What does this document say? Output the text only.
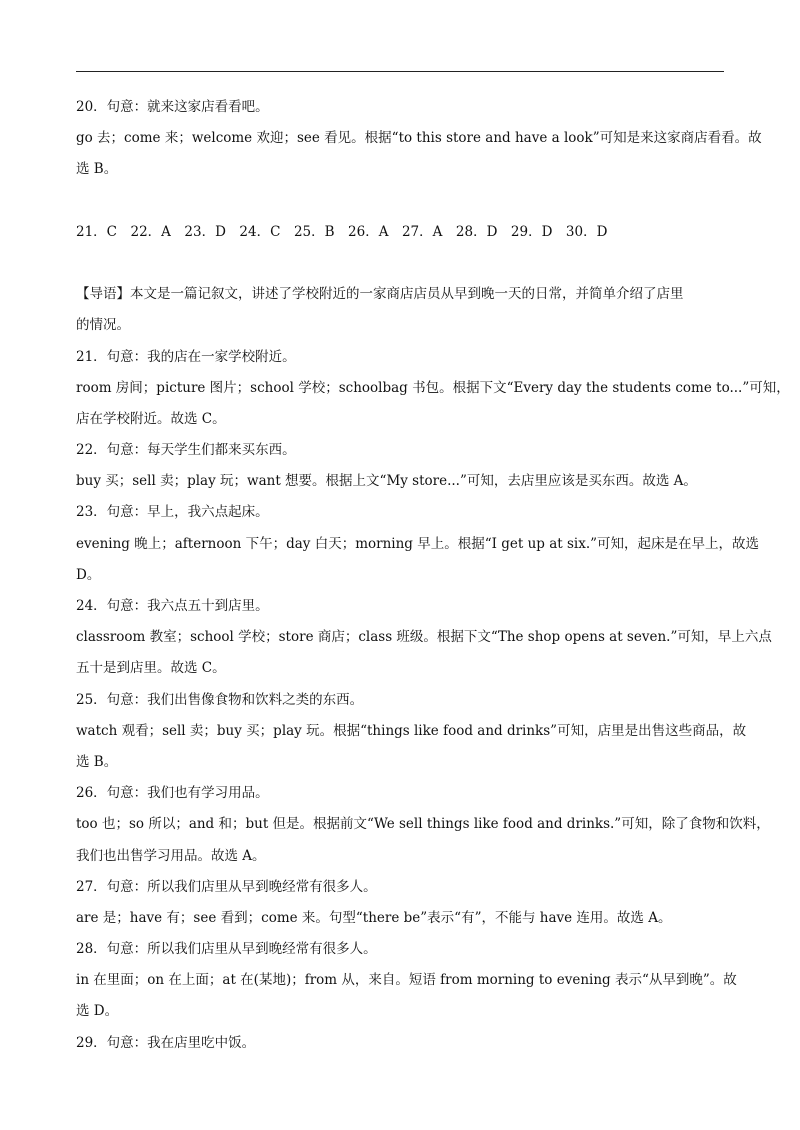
20．句意：就来这家店看看吧。
go 去；come 来；welcome 欢迎；see 看见。根据“to this store and have a look”可知是来这家商店看看。故
选 B。
21．C　22．A　23．D　24．C　25．B　26．A　27．A　28．D　29．D　30．D
【导语】本文是一篇记叙文，讲述了学校附近的一家商店店员从早到晚一天的日常，并简单介绍了店里
的情况。
21．句意：我的店在一家学校附近。
room 房间；picture 图片；school 学校；schoolbag 书包。根据下文“Every day the students come to...”可知，
店在学校附近。故选 C。
22．句意：每天学生们都来买东西。
buy 买；sell 卖；play 玩；want 想要。根据上文“My store...”可知，去店里应该是买东西。故选 A。
23．句意：早上，我六点起床。
evening 晚上；afternoon 下午；day 白天；morning 早上。根据“I get up at six.”可知，起床是在早上，故选
D。
24．句意：我六点五十到店里。
classroom 教室；school 学校；store 商店；class 班级。根据下文“The shop opens at seven.”可知，早上六点
五十是到店里。故选 C。
25．句意：我们出售像食物和饮料之类的东西。
watch 观看；sell 卖；buy 买；play 玩。根据“things like food and drinks”可知，店里是出售这些商品，故
选 B。
26．句意：我们也有学习用品。
too 也；so 所以；and 和；but 但是。根据前文“We sell things like food and drinks.”可知，除了食物和饮料，
我们也出售学习用品。故选 A。
27．句意：所以我们店里从早到晚经常有很多人。
are 是；have 有；see 看到；come 来。句型“there be”表示“有”，不能与 have 连用。故选 A。
28．句意：所以我们店里从早到晚经常有很多人。
in 在里面；on 在上面；at 在(某地)；from 从，来自。短语 from morning to evening 表示“从早到晚”。故
选 D。
29．句意：我在店里吃中饭。
